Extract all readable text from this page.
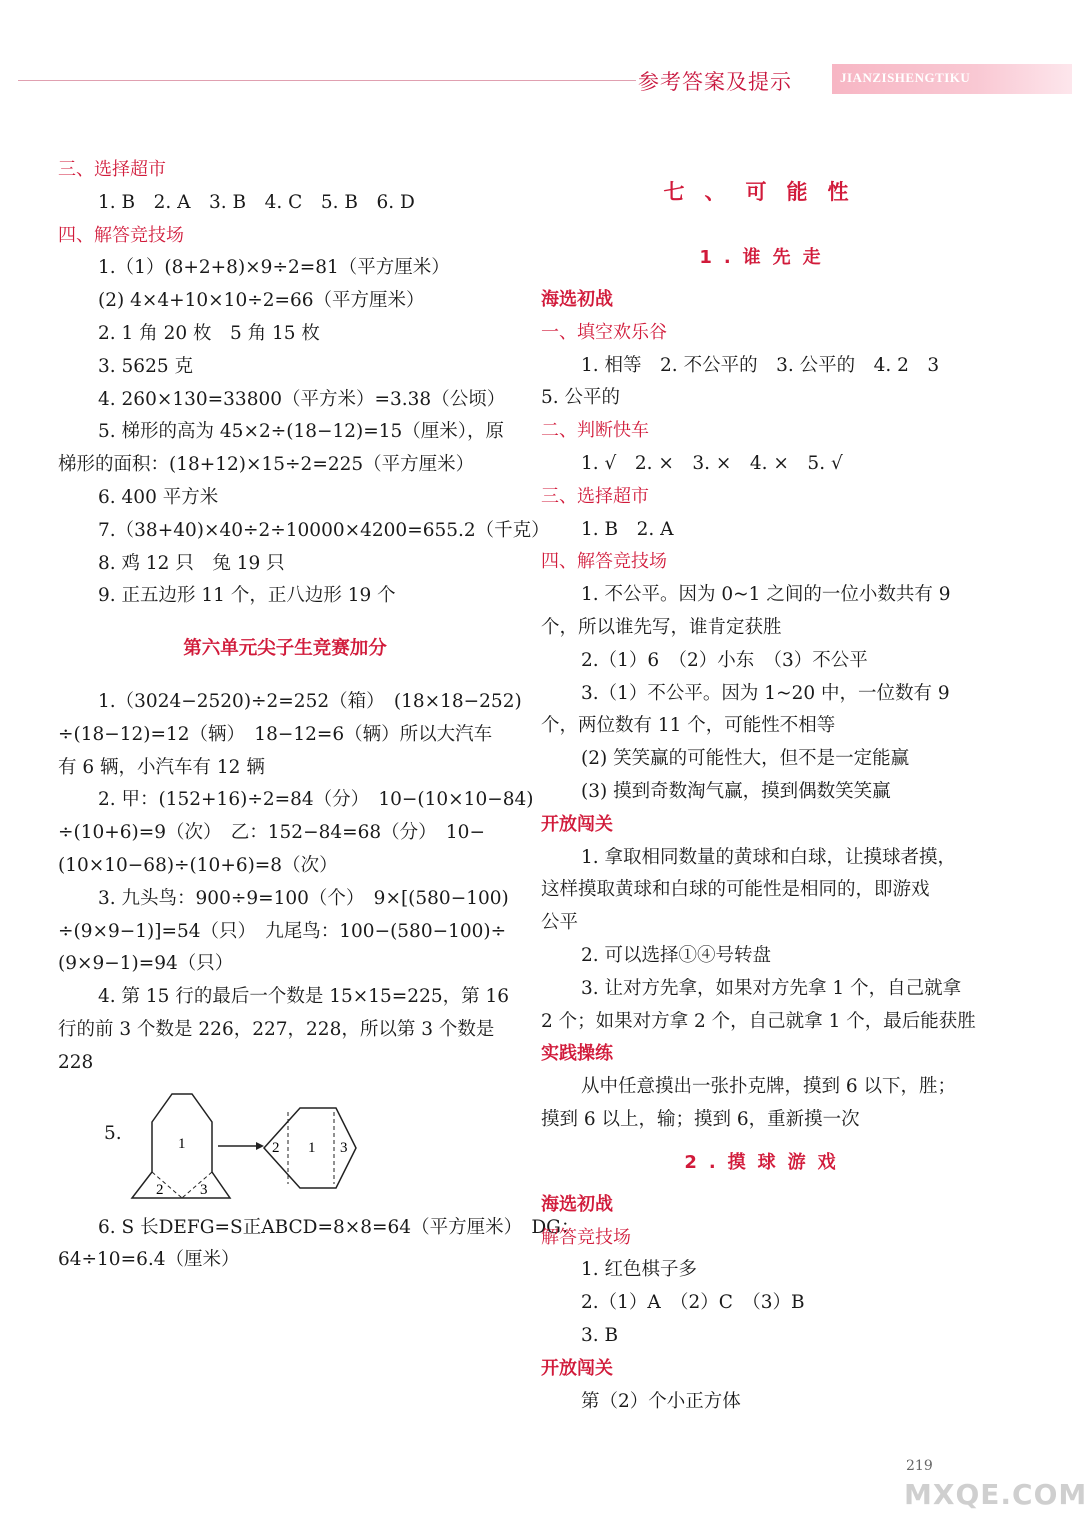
参考答案及提示	JIANZISHENGTIKU
三、选择超市
1. B　2. A　3. B　4. C　5. B　6. D
四、解答竞技场
1.（1）(8+2+8)×9÷2=81（平方厘米）
(2) 4×4+10×10÷2=66（平方厘米）
2. 1 角 20 枚　5 角 15 枚
3. 5625 克
4. 260×130=33800（平方米）=3.38（公顷）
5. 梯形的高为 45×2÷(18−12)=15（厘米），原
梯形的面积：(18+12)×15÷2=225（平方厘米）
6. 400 平方米
7.（38+40)×40÷2÷10000×4200=655.2（千克）
8. 鸡 12 只　兔 19 只
9. 正五边形 11 个，正八边形 19 个
第六单元尖子生竞赛加分
1.（3024−2520)÷2=252（箱）　(18×18−252)
÷(18−12)=12（辆）　18−12=6（辆）所以大汽车
有 6 辆，小汽车有 12 辆
2. 甲：(152+16)÷2=84（分）　10−(10×10−84)
÷(10+6)=9（次）　乙：152−84=68（分）　10−
(10×10−68)÷(10+6)=8（次）
3. 九头鸟：900÷9=100（个）　9×[(580−100)
÷(9×9−1)]=54（只）　九尾鸟：100−(580−100)÷
(9×9−1)=94（只）
4. 第 15 行的最后一个数是 15×15=225，第 16
行的前 3 个数是 226，227，228，所以第 3 个数是
228
5.	1
2 3
2 1 3
6. S 长DEFG=S正ABCD=8×8=64（平方厘米）　DG：
64÷10=6.4（厘米）
七、可能性
1.谁先走
海选初战
一、填空欢乐谷
1. 相等　2. 不公平的　3. 公平的　4. 2　3
5. 公平的
二、判断快车
1. √　2. ×　3. ×　4. ×　5. √
三、选择超市
1. B　2. A
四、解答竞技场
1. 不公平。因为 0~1 之间的一位小数共有 9
个，所以谁先写，谁肯定获胜
2.（1）6　（2）小东　（3）不公平
3.（1）不公平。因为 1~20 中，一位数有 9
个，两位数有 11 个，可能性不相等
(2) 笑笑赢的可能性大，但不是一定能赢
(3) 摸到奇数淘气赢，摸到偶数笑笑赢
开放闯关
1. 拿取相同数量的黄球和白球，让摸球者摸，
这样摸取黄球和白球的可能性是相同的，即游戏
公平
2. 可以选择①④号转盘
3. 让对方先拿，如果对方先拿 1 个，自己就拿
2 个；如果对方拿 2 个，自己就拿 1 个，最后能获胜
实践操练
从中任意摸出一张扑克牌，摸到 6 以下，胜；
摸到 6 以上，输；摸到 6，重新摸一次
2.摸球游戏
海选初战
解答竞技场
1. 红色棋子多
2.（1）A　（2）C　（3）B
3. B
开放闯关
第（2）个小正方体
219
MXQE.COM
